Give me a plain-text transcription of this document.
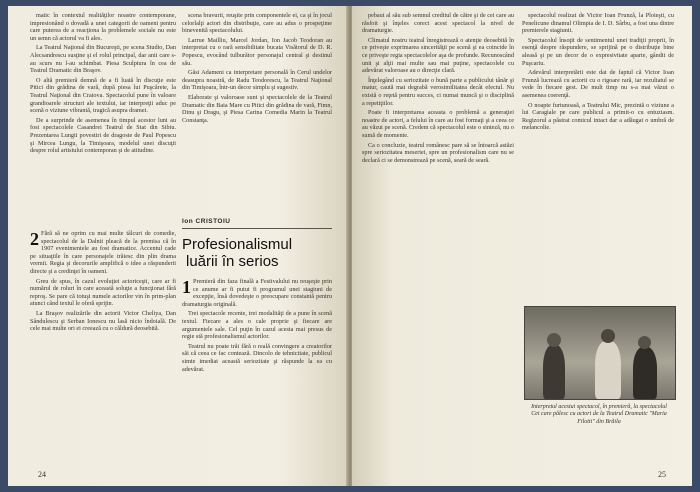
matic în contextul realităţilor noastre contemporane, impresionând o dovadă a unei categorii de oameni pentru care puterea de a reacţiona la problemele sociale nu este un semn că actorul va fi ales.

La Teatrul Naţional din Bucureşti, pe scena Studio, Dan Alecsandrescu susţine şi el rolul principal, dar anii care s-au scurs nu l-au schimbat. Piesa Sculptura în cea de Teatrul Dramatic din Braşov.

O altă premieră demnă de a fi luată în discuţie este Pitici din grădina de vară, după piesa lui Puşcărete, la Teatrul Naţional din Craiova. Spectacolul pune în valoare grandioarele structuri ale textului, iar interpreţii aduc pe scenă o viziune vibrantă, tragică asupra dramei.

De a surprinde de asemenea în timpul acestor luni au fost spectacolele Casandrei Teatrul de Stat din Sibiu. Prezentarea Lungii povestiri de dragoste de Paul Popescu şi Mircea Lungu, la Timişoara, modelul unei discuţii despre rolul artistului contemporan şi de atitudine.

2 Fără să ne oprim cu mai multe tâlcuri de comedie, spectacolul de la Dalnit pleacă de la premisa că în 1907 evenimentele au fost dramatice. Accentul cade pe situaţiile în care personajele trăiesc din plin drama vremii. Regia şi decorurile amplifică o idee a răspunderii directe şi a credinţei în oameni.

Greu de spus, în cazul evoluţiei actoriceşti, care ar fi numărul de roluri în care această soluţie a funcţionat fără reproş. Se pare că totuşi numele actorilor vin în prim-plan atunci când textul le oferă sprijin.

La Braşov realizările din actorii Victor Cheliya, Dan Sândulescu şi Serban Ionescu nu lasă nicio îndoială. De cele mai multe ori ei creează cu o căldură deosebită.

scena bravurii, reuşite prin componentele ei, ca şi în jocul celorlalţi actori din distribuţie, care au adus o prospeţime binevenită spectacolului.

Larrue Mailliu, Marcel Jordan, Ion Jacob Teodoran au interpretat cu o rară sensibilitate bucata Visătorul de D. R. Popescu, evocând tulburător personajul central şi destinul său.

Găsi Adameni ca interpretare personală în Cerul undelor deasupra noastră, de Radu Teodorescu, la Teatrul Naţional din Timişoara, într-un decor simplu şi sugestiv.

Elaborate şi valoroase sunt şi spectacolele de la Teatrul Dramatic din Baia Mare cu Pitici din grădina de vară, Fimn, Dinu şi Dragu, şi Piesa Carina Comedia Marin la Teatrul Constanţa.

Ion CRISTOIU
Profesionalismul
luării în serios

1 Premieră din faza finală a Festivalului nu reuşeşte prin ce anume ar fi putut fi programul unei stagiuni de excepţie, însă dovedeşte o preocupare constantă pentru dramaturgia originală.

Trei spectacole recente, trei modalităţi de a pune în scenă textul. Fiecare a ales o cale proprie şi fiecare are argumentele sale. Cel puţin în cazul acesta mai presus de regie stă profesionalismul actorilor.

Teatrul nu poate trăi fără o reală convingere a creatorilor săi că ceea ce fac contează. Dincolo de tehnicitate, publicul simte imediat această seriozitate şi răspunde la ea cu adevărat.

24

pebaut al său sub semnul creditul de către şi de cei care au răsfoit şi înţeles corect acest spectacol la nivel de dramaturgie.

Climatul nostru teatral înregistrează o atenţie deosebită în ce priveşte exprimarea sincerităţii pe scenă şi ea coincide în ce priveşte regia spectacolelor aşa de profunde. Recunoscând unii şi alţii mai multe sau mai puţine, spectacolele cu adevărat valoroase au o direcţie clară.

Înţelegând cu seriozitate o bună parte a publicului tânăr şi matur, caută mai degrabă verosimilitatea decât efectul. Nu există o reţetă pentru succes, ci numai muncă şi o disciplină a repetiţiilor.

Poate fi interpretarea aceasta o problemă a generaţiei noastre de actori, a felului în care au fost formaţi şi a ceea ce au văzut pe scenă. Credem că spectacolul este o sinteză, nu o sumă de momente.

Ca o concluzie, teatrul românesc pare să se întoarcă astăzi spre seriozitatea meseriei, spre un profesionalism care nu se declară ci se demonstrează pe scenă, seară de seară.

spectacolul realizat de Victor Ioan Frunză, la Ploieşti, cu Penelicune dinamul Olimpia de I. D. Sârbu, a fost una dintre premierele stagiunii.

Spectacolul însoţit de sentimentul unei tradiţii proprii, în esenţă despre răspundere, se sprijină pe o distribuţie bine aleasă şi pe un decor de o expresivitate aparte, gândit de Puşcariu.

Adevărul interpretării este dat de faptul că Victor Ioan Frunză lucrează cu actorii cu o rigoare rară, iar rezultatul se vede în fiecare gest. De mult timp nu s-a mai văzut o asemenea coerenţă.

O noapte furtunoasă, a Teatrului Mic, prezintă o viziune a lui Caragiale pe care publicul a primit-o cu entuziasm. Regizorul a păstrat comicul intact dar a adăugat o umbră de melancolie.

Interpretul acestui spectacol, în premieră, la spectacolul Cei care pălesc cu actori de la Teatrul Dramatic "Maria Filotti" din Brăila
25
